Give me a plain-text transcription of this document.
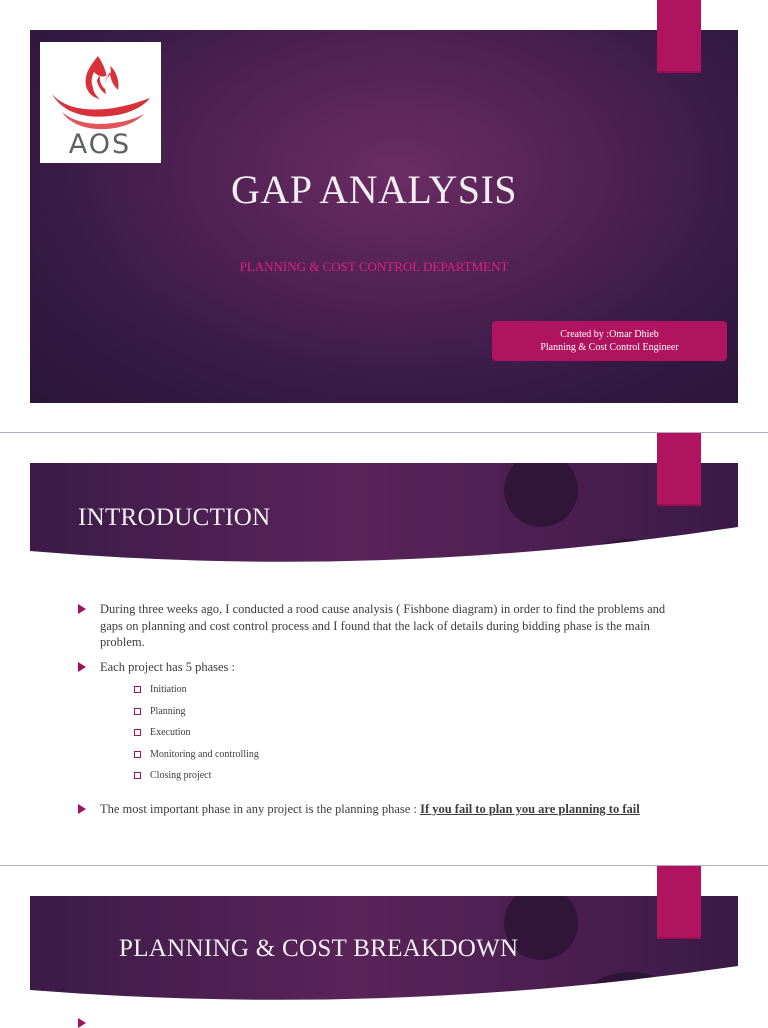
AOS
GAP ANALYSIS
PLANNING & COST CONTROL DEPARTMENT
Created by :Omar Dhieb
Planning & Cost Control Engineer
INTRODUCTION
During three weeks ago, I conducted a rood cause analysis ( Fishbone diagram) in order to find the problems and gaps on planning and cost control process and I found that the lack of details during bidding phase is the main problem.
Each project has 5 phases :
Initiation
Planning
Execution
Monitoring and controlling
Closing project
The most important phase in any project is the planning phase : If you fail to plan you are planning to fail
PLANNING & COST BREAKDOWN
